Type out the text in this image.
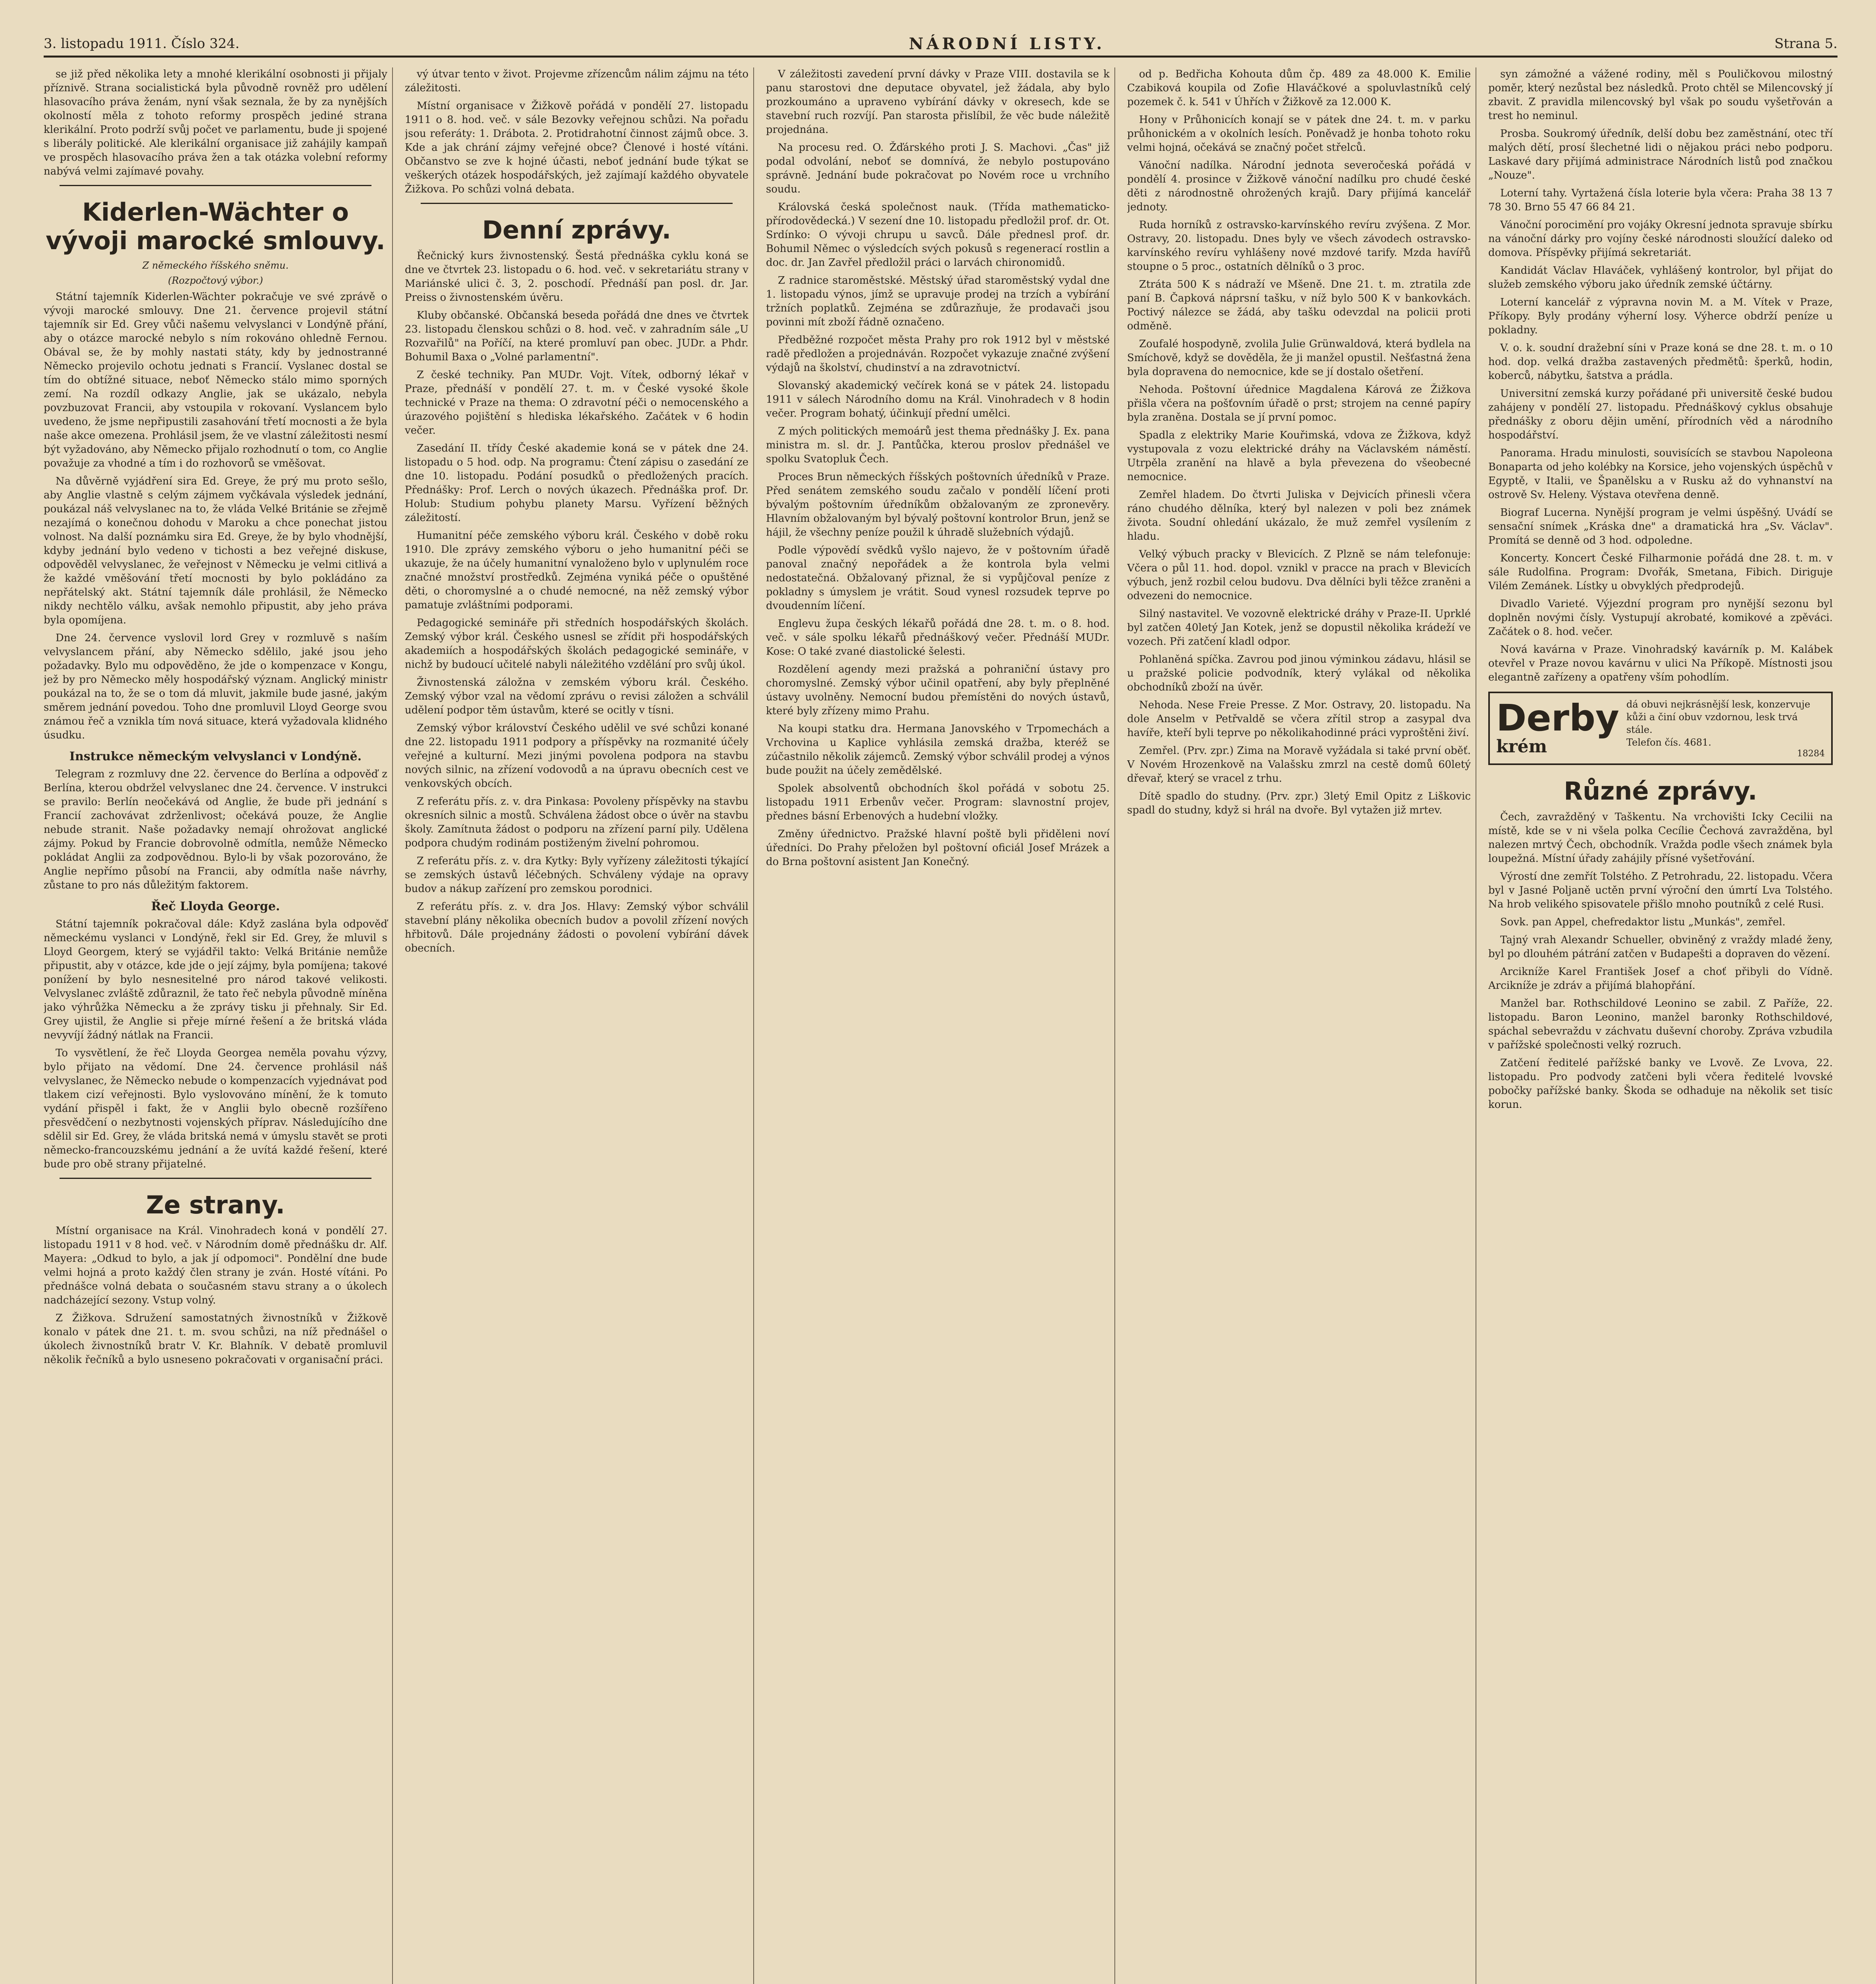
3. listopadu 1911. Číslo 324.	NÁRODNÍ LISTY.	Strana 5.

se již před několika lety a mnohé klerikální osobnosti ji přijaly příznivě. Strana socialistická byla původně rovněž pro udělení hlasovacího práva ženám, nyní však seznala, že by za nynějších okolností měla z tohoto reformy prospěch jediné strana klerikální. Proto podrží svůj počet ve parlamentu, bude ji spojené s liberály politické. Ale klerikální organisace již zahájily kampaň ve prospěch hlasovacího práva žen a tak otázka volební reformy nabývá velmi zajímavé povahy.

Kiderlen-Wächter o vývoji marocké smlouvy.
Z německého říšského sněmu.
(Rozpočtový výbor.)

Státní tajemník Kiderlen-Wächter pokračuje ve své zprávě o vývoji marocké smlouvy. Dne 21. července projevil státní tajemník sir Ed. Grey vůči našemu velvyslanci v Londýně přání, aby o otázce marocké nebylo s ním rokováno ohledně Fernou. Obával se, že by mohly nastati státy, kdy by jednostranné Německo projevilo ochotu jednati s Francií. Vyslanec dostal se tím do obtížné situace, neboť Německo stálo mimo sporných zemí. Na rozdíl odkazy Anglie, jak se ukázalo, nebyla povzbuzovat Francii, aby vstoupila v rokovaní. Vyslancem bylo uvedeno, že jsme nepřipustili zasahování třetí mocnosti a že byla naše akce omezena. Prohlásil jsem, že ve vlastní záležitosti nesmí být vyžadováno, aby Německo přijalo rozhodnutí o tom, co Anglie považuje za vhodné a tím i do rozhovorů se vměšovat.

Na důvěrně vyjádření sira Ed. Greye, že prý mu proto sešlo, aby Anglie vlastně s celým zájmem vyčkávala výsledek jednání, poukázal náš velvyslanec na to, že vláda Velké Británie se zřejmě nezajímá o konečnou dohodu v Maroku a chce ponechat jistou volnost. Na další poznámku sira Ed. Greye, že by bylo vhodnější, kdyby jednání bylo vedeno v tichosti a bez veřejné diskuse, odpověděl velvyslanec, že veřejnost v Německu je velmi citlivá a že každé vměšování třetí mocnosti by bylo pokládáno za nepřátelský akt. Státní tajemník dále prohlásil, že Německo nikdy nechtělo válku, avšak nemohlo připustit, aby jeho práva byla opomíjena.

Dne 24. července vyslovil lord Grey v rozmluvě s naším velvyslancem přání, aby Německo sdělilo, jaké jsou jeho požadavky. Bylo mu odpověděno, že jde o kompenzace v Kongu, jež by pro Německo měly hospodářský význam. Anglický ministr poukázal na to, že se o tom dá mluvit, jakmile bude jasné, jakým směrem jednání povedou. Toho dne promluvil Lloyd George svou známou řeč a vznikla tím nová situace, která vyžadovala klidného úsudku.

Instrukce německým velvyslanci v Londýně.

Telegram z rozmluvy dne 22. července do Berlína a odpověď z Berlína, kterou obdržel velvyslanec dne 24. července. V instrukci se pravilo: Berlín neočekává od Anglie, že bude při jednání s Francií zachovávat zdrženlivost; očekává pouze, že Anglie nebude stranit. Naše požadavky nemají ohrožovat anglické zájmy. Pokud by Francie dobrovolně odmítla, nemůže Německo pokládat Anglii za zodpovědnou. Bylo-li by však pozorováno, že Anglie nepřímo působí na Francii, aby odmítla naše návrhy, zůstane to pro nás důležitým faktorem.

Řeč Lloyda George.

Státní tajemník pokračoval dále: Když zaslána byla odpověď německému vyslanci v Londýně, řekl sir Ed. Grey, že mluvil s Lloyd Georgem, který se vyjádřil takto: Velká Británie nemůže připustit, aby v otázce, kde jde o její zájmy, byla pomíjena; takové ponížení by bylo nesnesitelné pro národ takové velikosti. Velvyslanec zvláště zdůraznil, že tato řeč nebyla původně míněna jako výhrůžka Německu a že zprávy tisku ji přehnaly. Sir Ed. Grey ujistil, že Anglie si přeje mírné řešení a že britská vláda nevyvíjí žádný nátlak na Francii.

To vysvětlení, že řeč Lloyda Georgea neměla povahu výzvy, bylo přijato na vědomí. Dne 24. července prohlásil náš velvyslanec, že Německo nebude o kompenzacích vyjednávat pod tlakem cizí veřejnosti. Bylo vyslovováno mínění, že k tomuto vydání přispěl i fakt, že v Anglii bylo obecně rozšířeno přesvědčení o nezbytnosti vojenských příprav. Následujícího dne sdělil sir Ed. Grey, že vláda britská nemá v úmyslu stavět se proti německo-francouzskému jednání a že uvítá každé řešení, které bude pro obě strany přijatelné.

Ze strany.

Místní organisace na Král. Vinohradech koná v pondělí 27. listopadu 1911 v 8 hod. več. v Národním domě přednášku dr. Alf. Mayera: „Odkud to bylo, a jak jí odpomoci". Pondělní dne bude velmi hojná a proto každý člen strany je zván. Hosté vítáni. Po přednášce volná debata o současném stavu strany a o úkolech nadcházející sezony. Vstup volný.

Z Žižkova. Sdružení samostatných živnostníků v Žižkově konalo v pátek dne 21. t. m. svou schůzi, na níž přednášel o úkolech živnostníků bratr V. Kr. Blahník. V debatě promluvil několik řečníků a bylo usneseno pokračovati v organisační práci.

vý útvar tento v život. Projevme zřízencům nálim zájmu na této záležitosti.

Místní organisace v Žižkově pořádá v pondělí 27. listopadu 1911 o 8. hod. več. v sále Bezovky veřejnou schůzi. Na pořadu jsou referáty: 1. Drábota. 2. Protidrahotní činnost zájmů obce. 3. Kde a jak chrání zájmy veřejné obce? Členové i hosté vítáni. Občanstvo se zve k hojné účasti, neboť jednání bude týkat se veškerých otázek hospodářských, jež zajímají každého obyvatele Žižkova. Po schůzi volná debata.

Denní zprávy.

Řečnický kurs živnostenský. Šestá přednáška cyklu koná se dne ve čtvrtek 23. listopadu o 6. hod. več. v sekretariátu strany v Mariánské ulici č. 3, 2. poschodí. Přednáší pan posl. dr. Jar. Preiss o živnostenském úvěru.

Kluby občanské. Občanská beseda pořádá dne dnes ve čtvrtek 23. listopadu členskou schůzi o 8. hod. več. v zahradním sále „U Rozvařilů" na Poříčí, na které promluví pan obec. JUDr. a Phdr. Bohumil Baxa o „Volné parlamentní".

Z české techniky. Pan MUDr. Vojt. Vítek, odborný lékař v Praze, přednáší v pondělí 27. t. m. v České vysoké škole technické v Praze na thema: O zdravotní péči o nemocenského a úrazového pojištění s hlediska lékařského. Začátek v 6 hodin večer.

Zasedání II. třídy České akademie koná se v pátek dne 24. listopadu o 5 hod. odp. Na programu: Čtení zápisu o zasedání ze dne 10. listopadu. Podání posudků o předložených pracích. Přednášky: Prof. Lerch o nových úkazech. Přednáška prof. Dr. Holub: Studium pohybu planety Marsu. Vyřízení běžných záležitostí.

Humanitní péče zemského výboru král. Českého v době roku 1910. Dle zprávy zemského výboru o jeho humanitní péči se ukazuje, že na účely humanitní vynaloženo bylo v uplynulém roce značné množství prostředků. Zejména vyniká péče o opuštěné děti, o choromyslné a o chudé nemocné, na něž zemský výbor pamatuje zvláštními podporami.

Pedagogické semináře při středních hospodářských školách. Zemský výbor král. Českého usnesl se zřídit při hospodářských akademiích a hospodářských školách pedagogické semináře, v nichž by budoucí učitelé nabyli náležitého vzdělání pro svůj úkol.

Živnostenská záložna v zemském výboru král. Českého. Zemský výbor vzal na vědomí zprávu o revisi záložen a schválil udělení podpor těm ústavům, které se ocitly v tísni.

Zemský výbor království Českého udělil ve své schůzi konané dne 22. listopadu 1911 podpory a příspěvky na rozmanité účely veřejné a kulturní. Mezi jinými povolena podpora na stavbu nových silnic, na zřízení vodovodů a na úpravu obecních cest ve venkovských obcích.

Z referátu přís. z. v. dra Pinkasa: Povoleny příspěvky na stavbu okresních silnic a mostů. Schválena žádost obce o úvěr na stavbu školy. Zamítnuta žádost o podporu na zřízení parní pily. Udělena podpora chudým rodinám postiženým živelní pohromou.

Z referátu přís. z. v. dra Kytky: Byly vyřízeny záležitosti týkající se zemských ústavů léčebných. Schváleny výdaje na opravy budov a nákup zařízení pro zemskou porodnici.

Z referátu přís. z. v. dra Jos. Hlavy: Zemský výbor schválil stavební plány několika obecních budov a povolil zřízení nových hřbitovů. Dále projednány žádosti o povolení vybírání dávek obecních.

V záležitosti zavedení první dávky v Praze VIII. dostavila se k panu starostovi dne deputace obyvatel, jež žádala, aby bylo prozkoumáno a upraveno vybírání dávky v okresech, kde se stavební ruch rozvíjí. Pan starosta přislíbil, že věc bude náležitě projednána.

Na procesu red. O. Žďárského proti J. S. Machovi. „Čas" již podal odvolání, neboť se domnívá, že nebylo postupováno správně. Jednání bude pokračovat po Novém roce u vrchního soudu.

Královská česká společnost nauk. (Třída mathematicko-přírodovědecká.) V sezení dne 10. listopadu předložil prof. dr. Ot. Srdínko: O vývoji chrupu u savců. Dále přednesl prof. dr. Bohumil Němec o výsledcích svých pokusů s regenerací rostlin a doc. dr. Jan Zavřel předložil práci o larvách chironomidů.

Z radnice staroměstské. Městský úřad staroměstský vydal dne 1. listopadu výnos, jímž se upravuje prodej na trzích a vybírání tržních poplatků. Zejména se zdůrazňuje, že prodavači jsou povinni mít zboží řádně označeno.

Předběžné rozpočet města Prahy pro rok 1912 byl v městské radě předložen a projednáván. Rozpočet vykazuje značné zvýšení výdajů na školství, chudinství a na zdravotnictví.

Slovanský akademický večírek koná se v pátek 24. listopadu 1911 v sálech Národního domu na Král. Vinohradech v 8 hodin večer. Program bohatý, účinkují přední umělci.

Z mých politických memoárů jest thema přednášky J. Ex. pana ministra m. sl. dr. J. Pantůčka, kterou proslov přednášel ve spolku Svatopluk Čech.

Proces Brun německých říšských poštovních úředníků v Praze. Před senátem zemského soudu začalo v pondělí líčení proti bývalým poštovním úředníkům obžalovaným ze zpronevěry. Hlavním obžalovaným byl bývalý poštovní kontrolor Brun, jenž se hájil, že všechny peníze použil k úhradě služebních výdajů.

Podle výpovědí svědků vyšlo najevo, že v poštovním úřadě panoval značný nepořádek a že kontrola byla velmi nedostatečná. Obžalovaný přiznal, že si vypůjčoval peníze z pokladny s úmyslem je vrátit. Soud vynesl rozsudek teprve po dvoudenním líčení.

Englevu župa českých lékařů pořádá dne 28. t. m. o 8. hod. več. v sále spolku lékařů přednáškový večer. Přednáší MUDr. Kose: O také zvané diastolické šelesti.

Rozdělení agendy mezi pražská a pohraniční ústavy pro choromyslné. Zemský výbor učinil opatření, aby byly přeplněné ústavy uvolněny. Nemocní budou přemístěni do nových ústavů, které byly zřízeny mimo Prahu.

Na koupi statku dra. Hermana Janovského v Trpomechách a Vrchovina u Kaplice vyhlásila zemská dražba, kteréž se zúčastnilo několik zájemců. Zemský výbor schválil prodej a výnos bude použit na účely zemědělské.

Spolek absolventů obchodních škol pořádá v sobotu 25. listopadu 1911 Erbenův večer. Program: slavnostní projev, přednes básní Erbenových a hudební vložky.

Změny úřednictvo. Pražské hlavní poště byli přiděleni noví úředníci. Do Prahy přeložen byl poštovní oficiál Josef Mrázek a do Brna poštovní asistent Jan Konečný.

od p. Bedřicha Kohouta dům čp. 489 za 48.000 K. Emilie Czabiková koupila od Zofie Hlaváčkové a spoluvlastníků celý pozemek č. k. 541 v Úhřích v Žižkově za 12.000 K.

Hony v Průhonicích konají se v pátek dne 24. t. m. v parku průhonickém a v okolních lesích. Poněvadž je honba tohoto roku velmi hojná, očekává se značný počet střelců.

Vánoční nadílka. Národní jednota severočeská pořádá v pondělí 4. prosince v Žižkově vánoční nadílku pro chudé české děti z národnostně ohrožených krajů. Dary přijímá kancelář jednoty.

Ruda horníků z ostravsko-karvínského revíru zvýšena. Z Mor. Ostravy, 20. listopadu. Dnes byly ve všech závodech ostravsko-karvínského revíru vyhlášeny nové mzdové tarify. Mzda havířů stoupne o 5 proc., ostatních dělníků o 3 proc.

Ztráta 500 K s nádraží ve Mšeně. Dne 21. t. m. ztratila zde paní B. Čapková náprsní tašku, v níž bylo 500 K v bankovkách. Poctivý nálezce se žádá, aby tašku odevzdal na policii proti odměně.

Zoufalé hospodyně, zvolila Julie Grünwaldová, která bydlela na Smíchově, když se dověděla, že ji manžel opustil. Nešťastná žena byla dopravena do nemocnice, kde se jí dostalo ošetření.

Nehoda. Poštovní úřednice Magdalena Kárová ze Žižkova přišla včera na pošťovním úřadě o prst; strojem na cenné papíry byla zraněna. Dostala se jí první pomoc.

Spadla z elektriky Marie Kouřimská, vdova ze Žižkova, když vystupovala z vozu elektrické dráhy na Václavském náměstí. Utrpěla zranění na hlavě a byla převezena do všeobecné nemocnice.

Zemřel hladem. Do čtvrti Juliska v Dejvicích přinesli včera ráno chudého dělníka, který byl nalezen v poli bez známek života. Soudní ohledání ukázalo, že muž zemřel vysílením z hladu.

Velký výbuch pracky v Blevicích. Z Plzně se nám telefonuje: Včera o půl 11. hod. dopol. vznikl v pracce na prach v Blevicích výbuch, jenž rozbil celou budovu. Dva dělníci byli těžce zraněni a odvezeni do nemocnice.

Silný nastavitel. Ve vozovně elektrické dráhy v Praze-II. Uprklé byl zatčen 40letý Jan Kotek, jenž se dopustil několika krádeží ve vozech. Při zatčení kladl odpor.

Pohlaněná spíčka. Zavrou pod jinou výminkou zádavu, hlásil se u pražské policie podvodník, který vylákal od několika obchodníků zboží na úvěr.

Nehoda. Nese Freie Presse. Z Mor. Ostravy, 20. listopadu. Na dole Anselm v Petřvaldě se včera zřítil strop a zasypal dva havíře, kteří byli teprve po několikahodinné práci vyproštěni živí.

Zemřel. (Prv. zpr.) Zima na Moravě vyžádala si také první oběť. V Novém Hrozenkově na Valašsku zmrzl na cestě domů 60letý dřevař, který se vracel z trhu.

Dítě spadlo do studny. (Prv. zpr.) 3letý Emil Opitz z Liškovic spadl do studny, když si hrál na dvoře. Byl vytažen již mrtev.

syn zámožné a vážené rodiny, měl s Pouličkovou milostný poměr, který nezůstal bez následků. Proto chtěl se Milencovský jí zbavit. Z pravidla milencovský byl však po soudu vyšetřován a trest ho neminul.

Prosba. Soukromý úředník, delší dobu bez zaměstnání, otec tří malých dětí, prosí šlechetné lidi o nějakou práci nebo podporu. Laskavé dary přijímá administrace Národních listů pod značkou „Nouze".

Loterní tahy. Vyrtažená čísla loterie byla včera: Praha 38 13 7 78 30. Brno 55 47 66 84 21.

Vánoční porocimění pro vojáky Okresní jednota spravuje sbírku na vánoční dárky pro vojíny české národnosti sloužící daleko od domova. Příspěvky přijímá sekretariát.

Kandidát Václav Hlaváček, vyhlášený kontrolor, byl přijat do služeb zemského výboru jako úředník zemské účtárny.

Loterní kancelář z výpravna novin M. a M. Vítek v Praze, Příkopy. Byly prodány výherní losy. Výherce obdrží peníze u pokladny.

V. o. k. soudní dražební síni v Praze koná se dne 28. t. m. o 10 hod. dop. velká dražba zastavených předmětů: šperků, hodin, koberců, nábytku, šatstva a prádla.

Universitní zemská kurzy pořádané při universitě české budou zahájeny v pondělí 27. listopadu. Přednáškový cyklus obsahuje přednášky z oboru dějin umění, přírodních věd a národního hospodářství.

Panorama. Hradu minulosti, souvisících se stavbou Napoleona Bonaparta od jeho kolébky na Korsice, jeho vojenských úspěchů v Egyptě, v Italii, ve Španělsku a v Rusku až do vyhnanství na ostrově Sv. Heleny. Výstava otevřena denně.

Biograf Lucerna. Nynější program je velmi úspěšný. Uvádí se sensační snímek „Kráska dne" a dramatická hra „Sv. Václav". Promítá se denně od 3 hod. odpoledne.

Koncerty. Koncert České Filharmonie pořádá dne 28. t. m. v sále Rudolfina. Program: Dvořák, Smetana, Fibich. Diriguje Vilém Zemánek. Lístky u obvyklých předprodejů.

Divadlo Varieté. Výjezdní program pro nynější sezonu byl doplněn novými čísly. Vystupují akrobaté, komikové a zpěváci. Začátek o 8. hod. večer.

Nová kavárna v Praze. Vinohradský kavárník p. M. Kalábek otevřel v Praze novou kavárnu v ulici Na Příkopě. Místnosti jsou elegantně zařízeny a opatřeny vším pohodlím.

Derby
krém
dá obuvi nejkrásnější lesk, konzervuje kůži a činí obuv vzdornou, lesk trvá stále.
Telefon čís. 4681.
18284
Různé zprávy.

Čech, zavražděný v Taškentu. Na vrchovišti Icky Cecilii na místě, kde se v ni všela polka Cecílie Čechová zavražděna, byl nalezen mrtvý Čech, obchodník. Vražda podle všech známek byla loupežná. Místní úřady zahájily přísné vyšetřování.

Výrostí dne zemřít Tolstého. Z Petrohradu, 22. listopadu. Včera byl v Jasné Poljaně uctěn první výroční den úmrtí Lva Tolstého. Na hrob velikého spisovatele přišlo mnoho poutníků z celé Rusi.

Sovk. pan Appel, chefredaktor listu „Munkás", zemřel.

Tajný vrah Alexandr Schueller, obviněný z vraždy mladé ženy, byl po dlouhém pátrání zatčen v Budapešti a dopraven do vězení.

Arcikníže Karel František Josef a choť přibyli do Vídně. Arcikníže je zdráv a přijímá blahopřání.

Manžel bar. Rothschildové Leonino se zabil. Z Paříže, 22. listopadu. Baron Leonino, manžel baronky Rothschildové, spáchal sebevraždu v záchvatu duševní choroby. Zpráva vzbudila v pařížské společnosti velký rozruch.

Zatčení ředitelé pařížské banky ve Lvově. Ze Lvova, 22. listopadu. Pro podvody zatčeni byli včera ředitelé lvovské pobočky pařížské banky. Škoda se odhaduje na několik set tisíc korun.
